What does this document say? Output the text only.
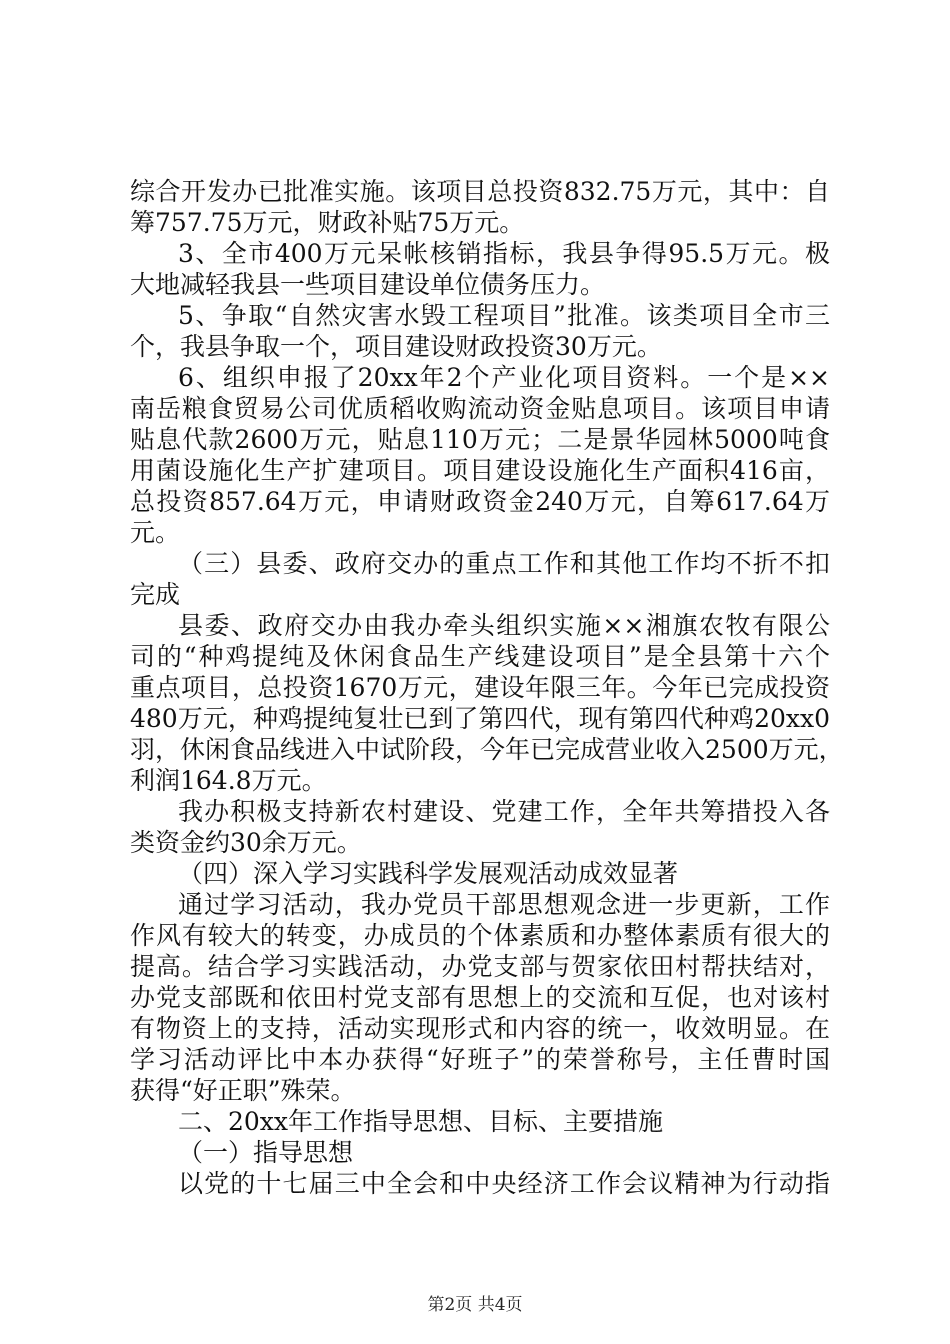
综合开发办已批准实施。该项目总投资832.75万元，其中：自
筹757.75万元，财政补贴75万元。
3、全市400万元呆帐核销指标，我县争得95.5万元。极
大地减轻我县一些项目建设单位债务压力。
5、争取“自然灾害水毁工程项目”批准。该类项目全市三
个，我县争取一个，项目建设财政投资30万元。
6、组织申报了20xx年2个产业化项目资料。一个是××
南岳粮食贸易公司优质稻收购流动资金贴息项目。该项目申请
贴息代款2600万元，贴息110万元；二是景华园林5000吨食
用菌设施化生产扩建项目。项目建设设施化生产面积416亩，
总投资857.64万元，申请财政资金240万元，自筹617.64万
元。
（三）县委、政府交办的重点工作和其他工作均不折不扣
完成
县委、政府交办由我办牵头组织实施××湘旗农牧有限公
司的“种鸡提纯及休闲食品生产线建设项目”是全县第十六个
重点项目，总投资1670万元，建设年限三年。今年已完成投资
480万元，种鸡提纯复壮已到了第四代，现有第四代种鸡20xx0
羽，休闲食品线进入中试阶段，今年已完成营业收入2500万元，
利润164.8万元。
我办积极支持新农村建设、党建工作，全年共筹措投入各
类资金约30余万元。
（四）深入学习实践科学发展观活动成效显著
通过学习活动，我办党员干部思想观念进一步更新，工作
作风有较大的转变，办成员的个体素质和办整体素质有很大的
提高。结合学习实践活动，办党支部与贺家依田村帮扶结对，
办党支部既和依田村党支部有思想上的交流和互促，也对该村
有物资上的支持，活动实现形式和内容的统一，收效明显。在
学习活动评比中本办获得“好班子”的荣誉称号，主任曹时国
获得“好正职”殊荣。
二、20xx年工作指导思想、目标、主要措施
（一）指导思想
以党的十七届三中全会和中央经济工作会议精神为行动指
第2页 共4页
